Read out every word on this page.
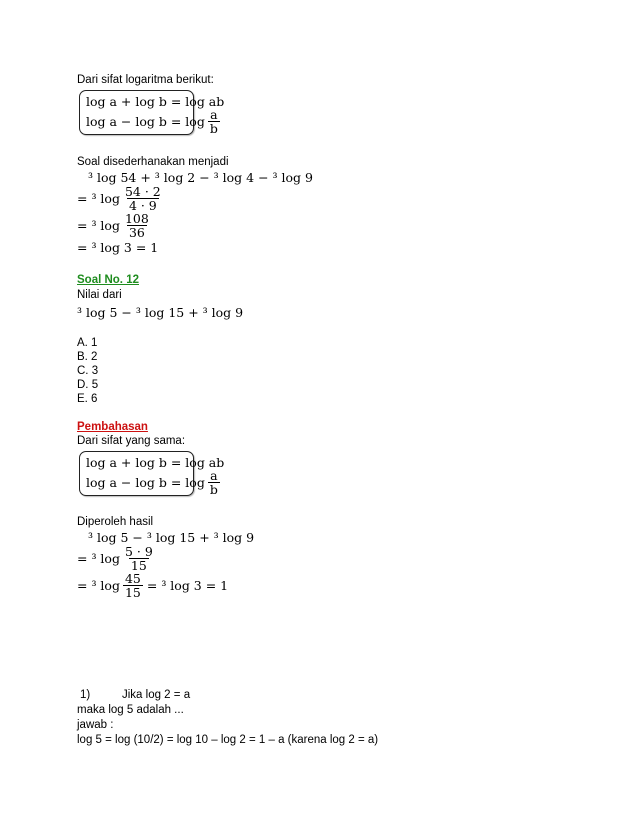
Dari sifat logaritma berikut:
log a + log b = log ab
$\log a - \log b = \log \frac{a}{b}$
Soal disederhanakan menjadi
³ log 54 + ³ log 2 − ³ log 4 − ³ log 9
= ³ $\log \frac{54 \cdot 2}{4 \cdot 9}$
= ³ $\log \frac{108}{36}$
= ³ log 3 = 1
Soal No. 12
Nilai dari
³ log 5 − ³ log 15 + ³ log 9
A. 1
B. 2
C. 3
D. 5
E. 6
Pembahasan
Dari sifat yang sama:
log a + log b = log ab
$\log a - \log b = \log \frac{a}{b}$
Diperoleh hasil
³ log 5 − ³ log 15 + ³ log 9
= ³ $\log \frac{5 \cdot 9}{15}$
= ³ $\log \frac{45}{15} = ^3$ log 3 = 1
1)	Jika log 2 = a
maka log 5 adalah ...
jawab :
log 5 = log (10/2) = log 10 – log 2 = 1 – a (karena log 2 = a)
